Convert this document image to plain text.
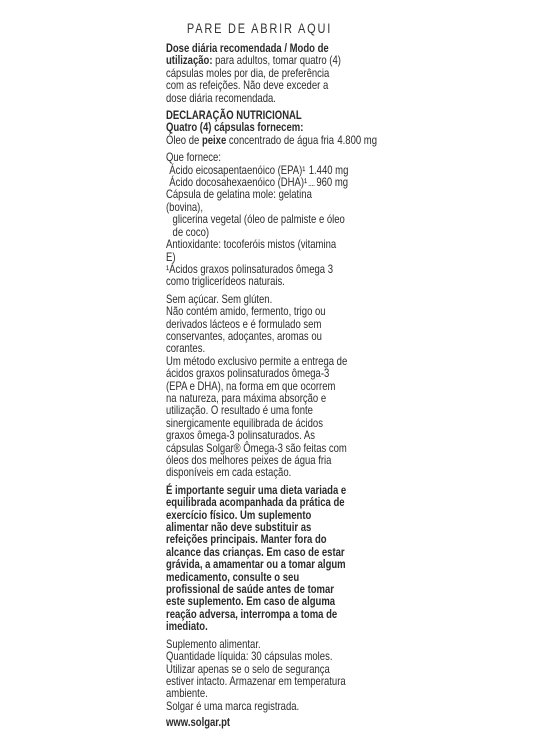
PARE DE ABRIR AQUI

Dose diária recomendada / Modo de utilização: para adultos, tomar quatro (4) cápsulas moles por dia, de preferência com as refeições. Não deve exceder a dose diária recomendada.

DECLARAÇÃO NUTRICIONAL

Quatro (4) cápsulas fornecem:

Óleo de peixe concentrado de água fria 4.800 mg

Que fornece:

Ácido eicosapentaenóico (EPA)¹ 1.440 mg
Ácido docosahexaenóico (DHA)¹ 960 mg

Cápsula de gelatina mole: gelatina (bovina),

glicerina vegetal (óleo de palmiste e óleo de coco)

Antioxidante: tocoferóis mistos (vitamina E)

¹Ácidos graxos polinsaturados ômega 3 como triglicerídeos naturais.

Sem açúcar. Sem glúten.

Não contém amido, fermento, trigo ou derivados lácteos e é formulado sem conservantes, adoçantes, aromas ou corantes.

Um método exclusivo permite a entrega de ácidos graxos polinsaturados ômega-3 (EPA e DHA), na forma em que ocorrem na natureza, para máxima absorção e utilização. O resultado é uma fonte sinergicamente equilibrada de ácidos graxos ômega-3 polinsaturados. As cápsulas Solgar® Ômega-3 são feitas com óleos dos melhores peixes de água fria disponíveis em cada estação.

É importante seguir uma dieta variada e equilibrada acompanhada da prática de exercício físico. Um suplemento alimentar não deve substituir as refeições principais. Manter fora do alcance das crianças. Em caso de estar grávida, a amamentar ou a tomar algum medicamento, consulte o seu profissional de saúde antes de tomar este suplemento. Em caso de alguma reação adversa, interrompa a toma de imediato.

Suplemento alimentar.

Quantidade líquida: 30 cápsulas moles.

Utilizar apenas se o selo de segurança estiver intacto. Armazenar em temperatura ambiente.

Solgar é uma marca registrada.

www.solgar.pt
